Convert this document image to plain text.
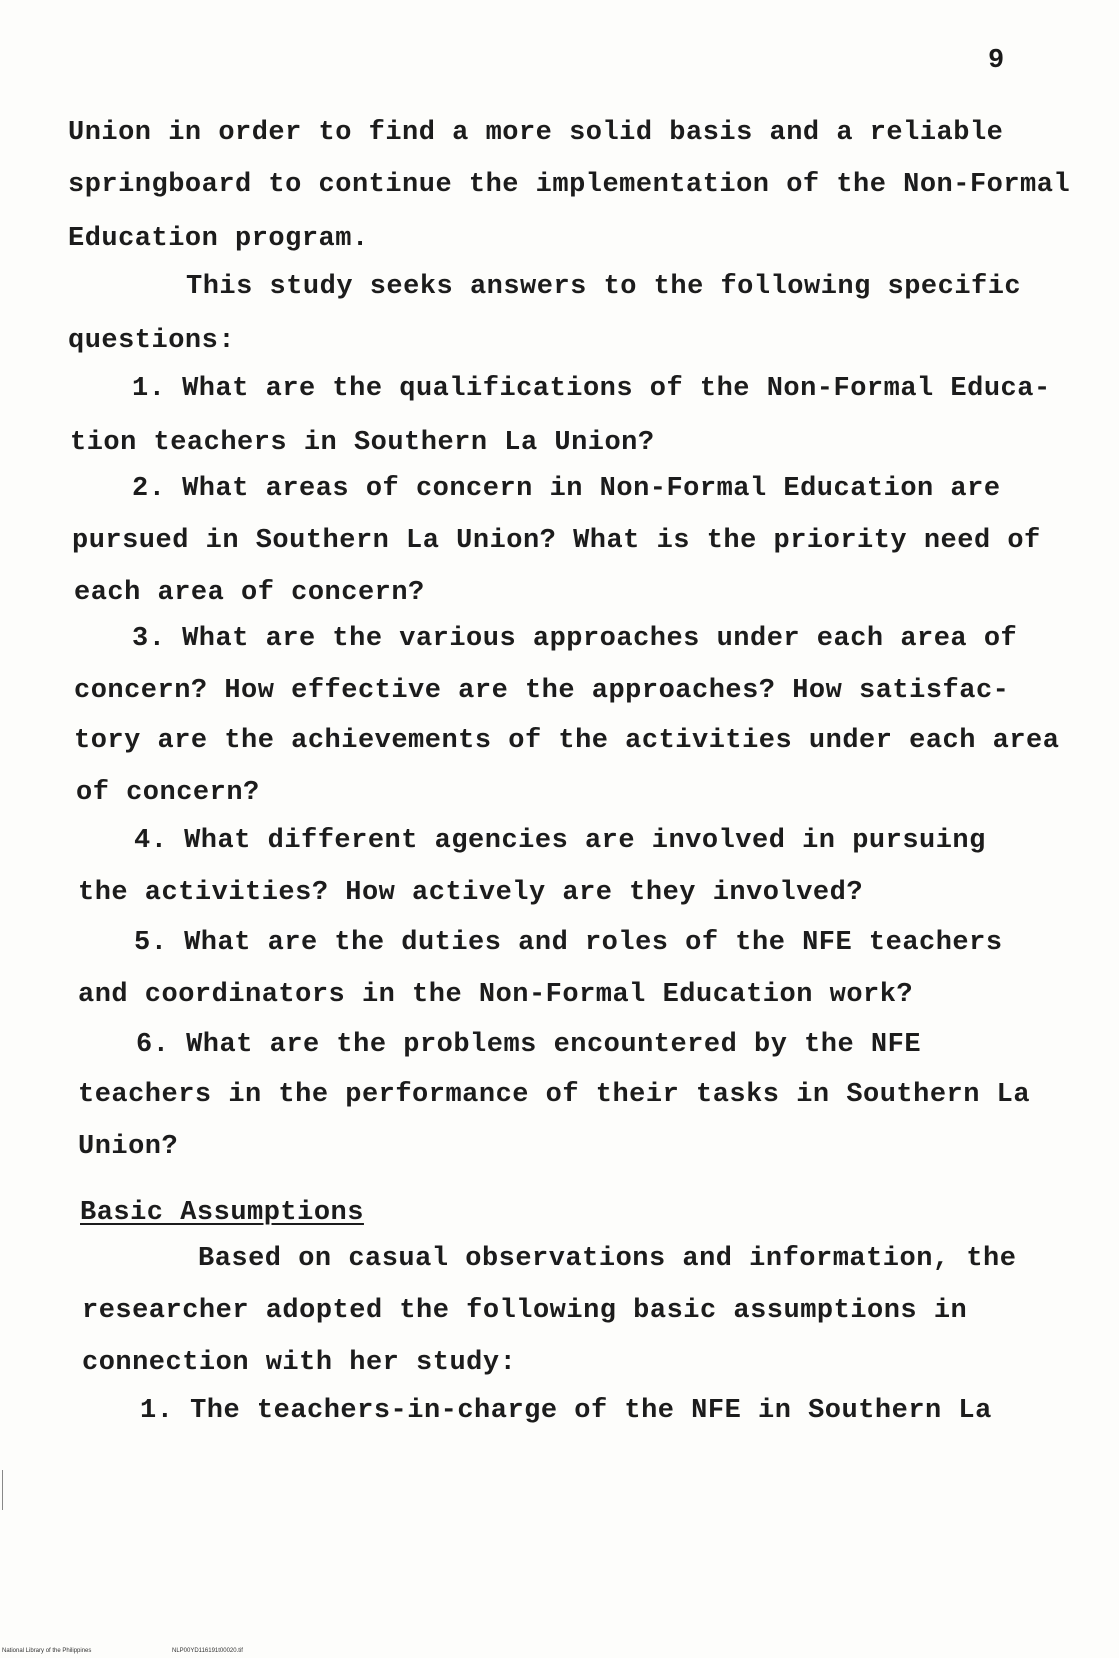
9
Union in order to find a more solid basis and a reliable
springboard to continue the implementation of the Non-Formal
Education program.
This study seeks answers to the following specific
questions:
1. What are the qualifications of the Non-Formal Educa-
tion teachers in Southern La Union?
2. What areas of concern in Non-Formal Education are
pursued in Southern La Union? What is the priority need of
each area of concern?
3. What are the various approaches under each area of
concern? How effective are the approaches? How satisfac-
tory are the achievements of the activities under each area
of concern?
4. What different agencies are involved in pursuing
the activities? How actively are they involved?
5. What are the duties and roles of the NFE teachers
and coordinators in the Non-Formal Education work?
6. What are the problems encountered by the NFE
teachers in the performance of their tasks in Southern La
Union?
Basic Assumptions
Based on casual observations and information, the
researcher adopted the following basic assumptions in
connection with her study:
1. The teachers-in-charge of the NFE in Southern La
National Library of the Philippines	NLP00YD116191t00020.tif
